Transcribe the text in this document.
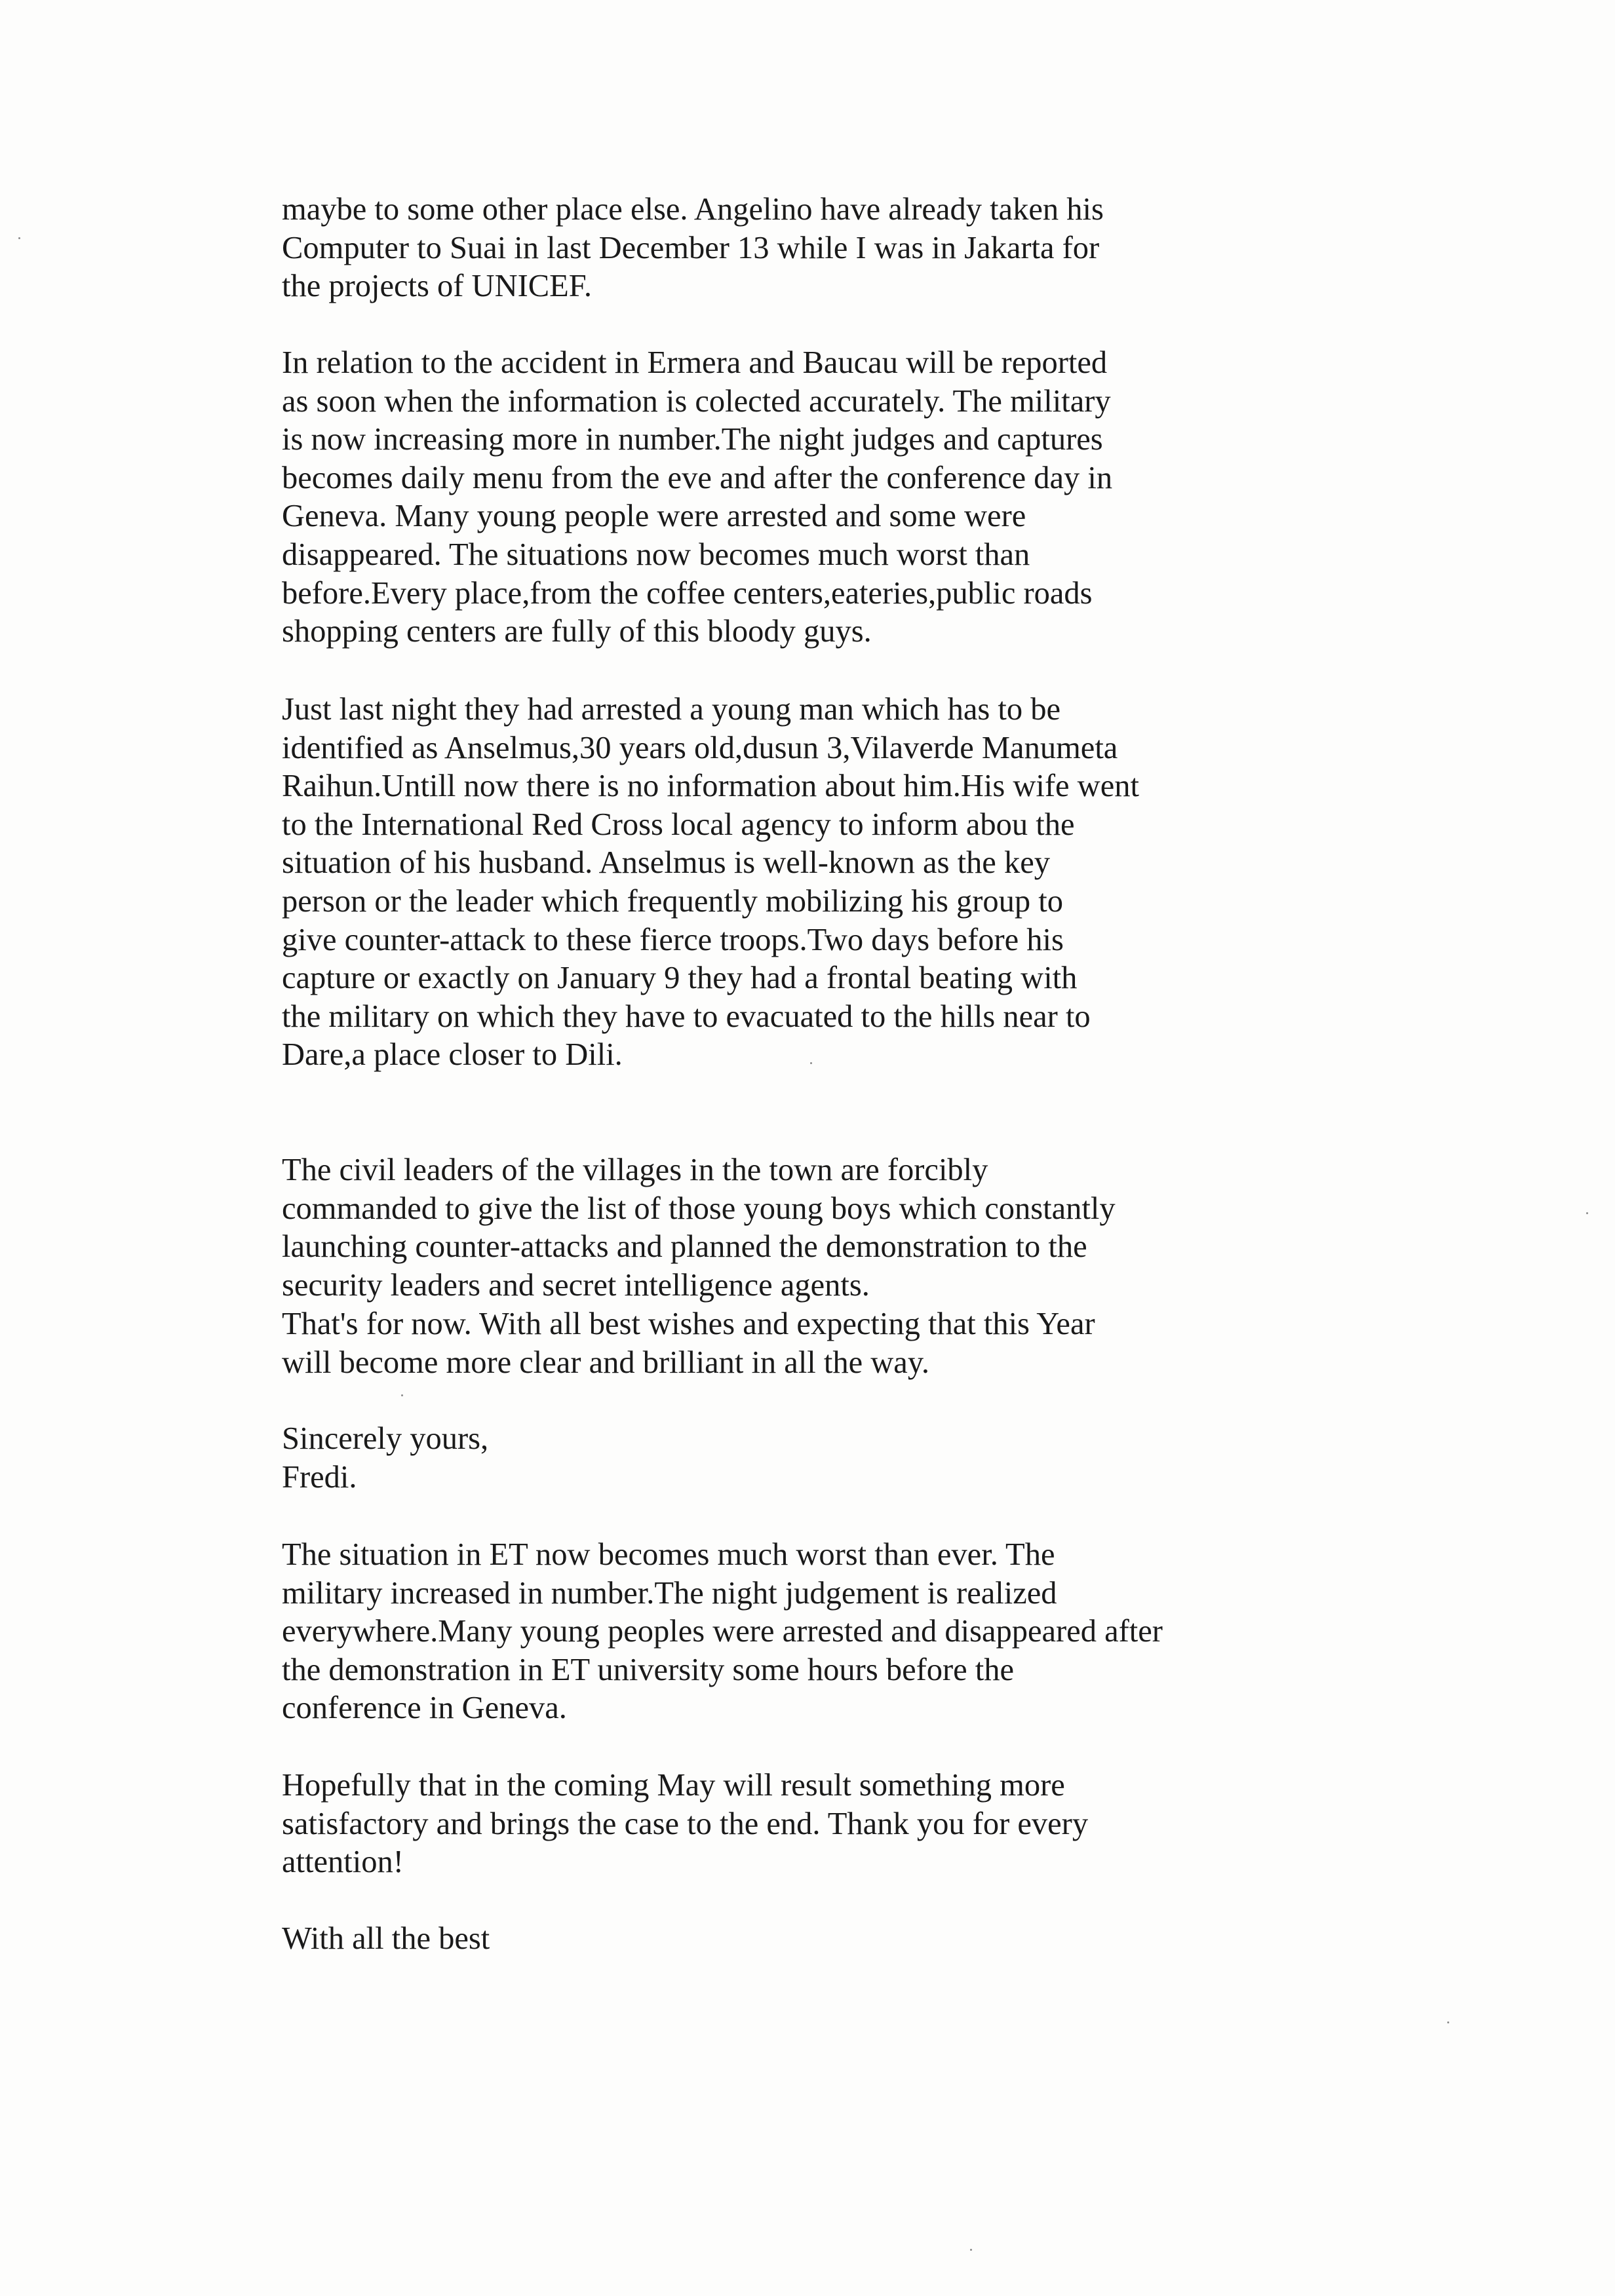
maybe to some other place else. Angelino have already taken his
Computer to Suai in last December 13 while I was in Jakarta for
the projects of UNICEF.

In relation to the accident in Ermera and Baucau will be reported
as soon when the information is colected accurately. The military
is now increasing more in number.The night judges and captures
becomes daily menu from the eve and after the conference day in
Geneva. Many young people were arrested and some were
disappeared. The situations now becomes much worst than
before.Every place,from the coffee centers,eateries,public roads
shopping centers are fully of this bloody guys.

Just last night they had arrested a young man which has to be
identified as Anselmus,30 years old,dusun 3,Vilaverde Manumeta
Raihun.Untill now there is no information about him.His wife went
to the International Red Cross local agency to inform abou the
situation of his husband. Anselmus is well-known as the key
person or the leader which frequently mobilizing his group to
give counter-attack to these fierce troops.Two days before his
capture or exactly on January 9 they had a frontal beating with
the military on which they have to evacuated to the hills near to
Dare,a place closer to Dili.

The civil leaders of the villages in the town are forcibly
commanded to give the list of those young boys which constantly
launching counter-attacks and planned the demonstration to the
security leaders and secret intelligence agents.

That's for now. With all best wishes and expecting that this Year
will become more clear and brilliant in all the way.

Sincerely yours,
Fredi.

The situation in ET now becomes much worst than ever. The
military increased in number.The night judgement is realized
everywhere.Many young peoples were arrested and disappeared after
the demonstration in ET university some hours before the
conference in Geneva.

Hopefully that in the coming May will result something more
satisfactory and brings the case to the end. Thank you for every
attention!

With all the best
